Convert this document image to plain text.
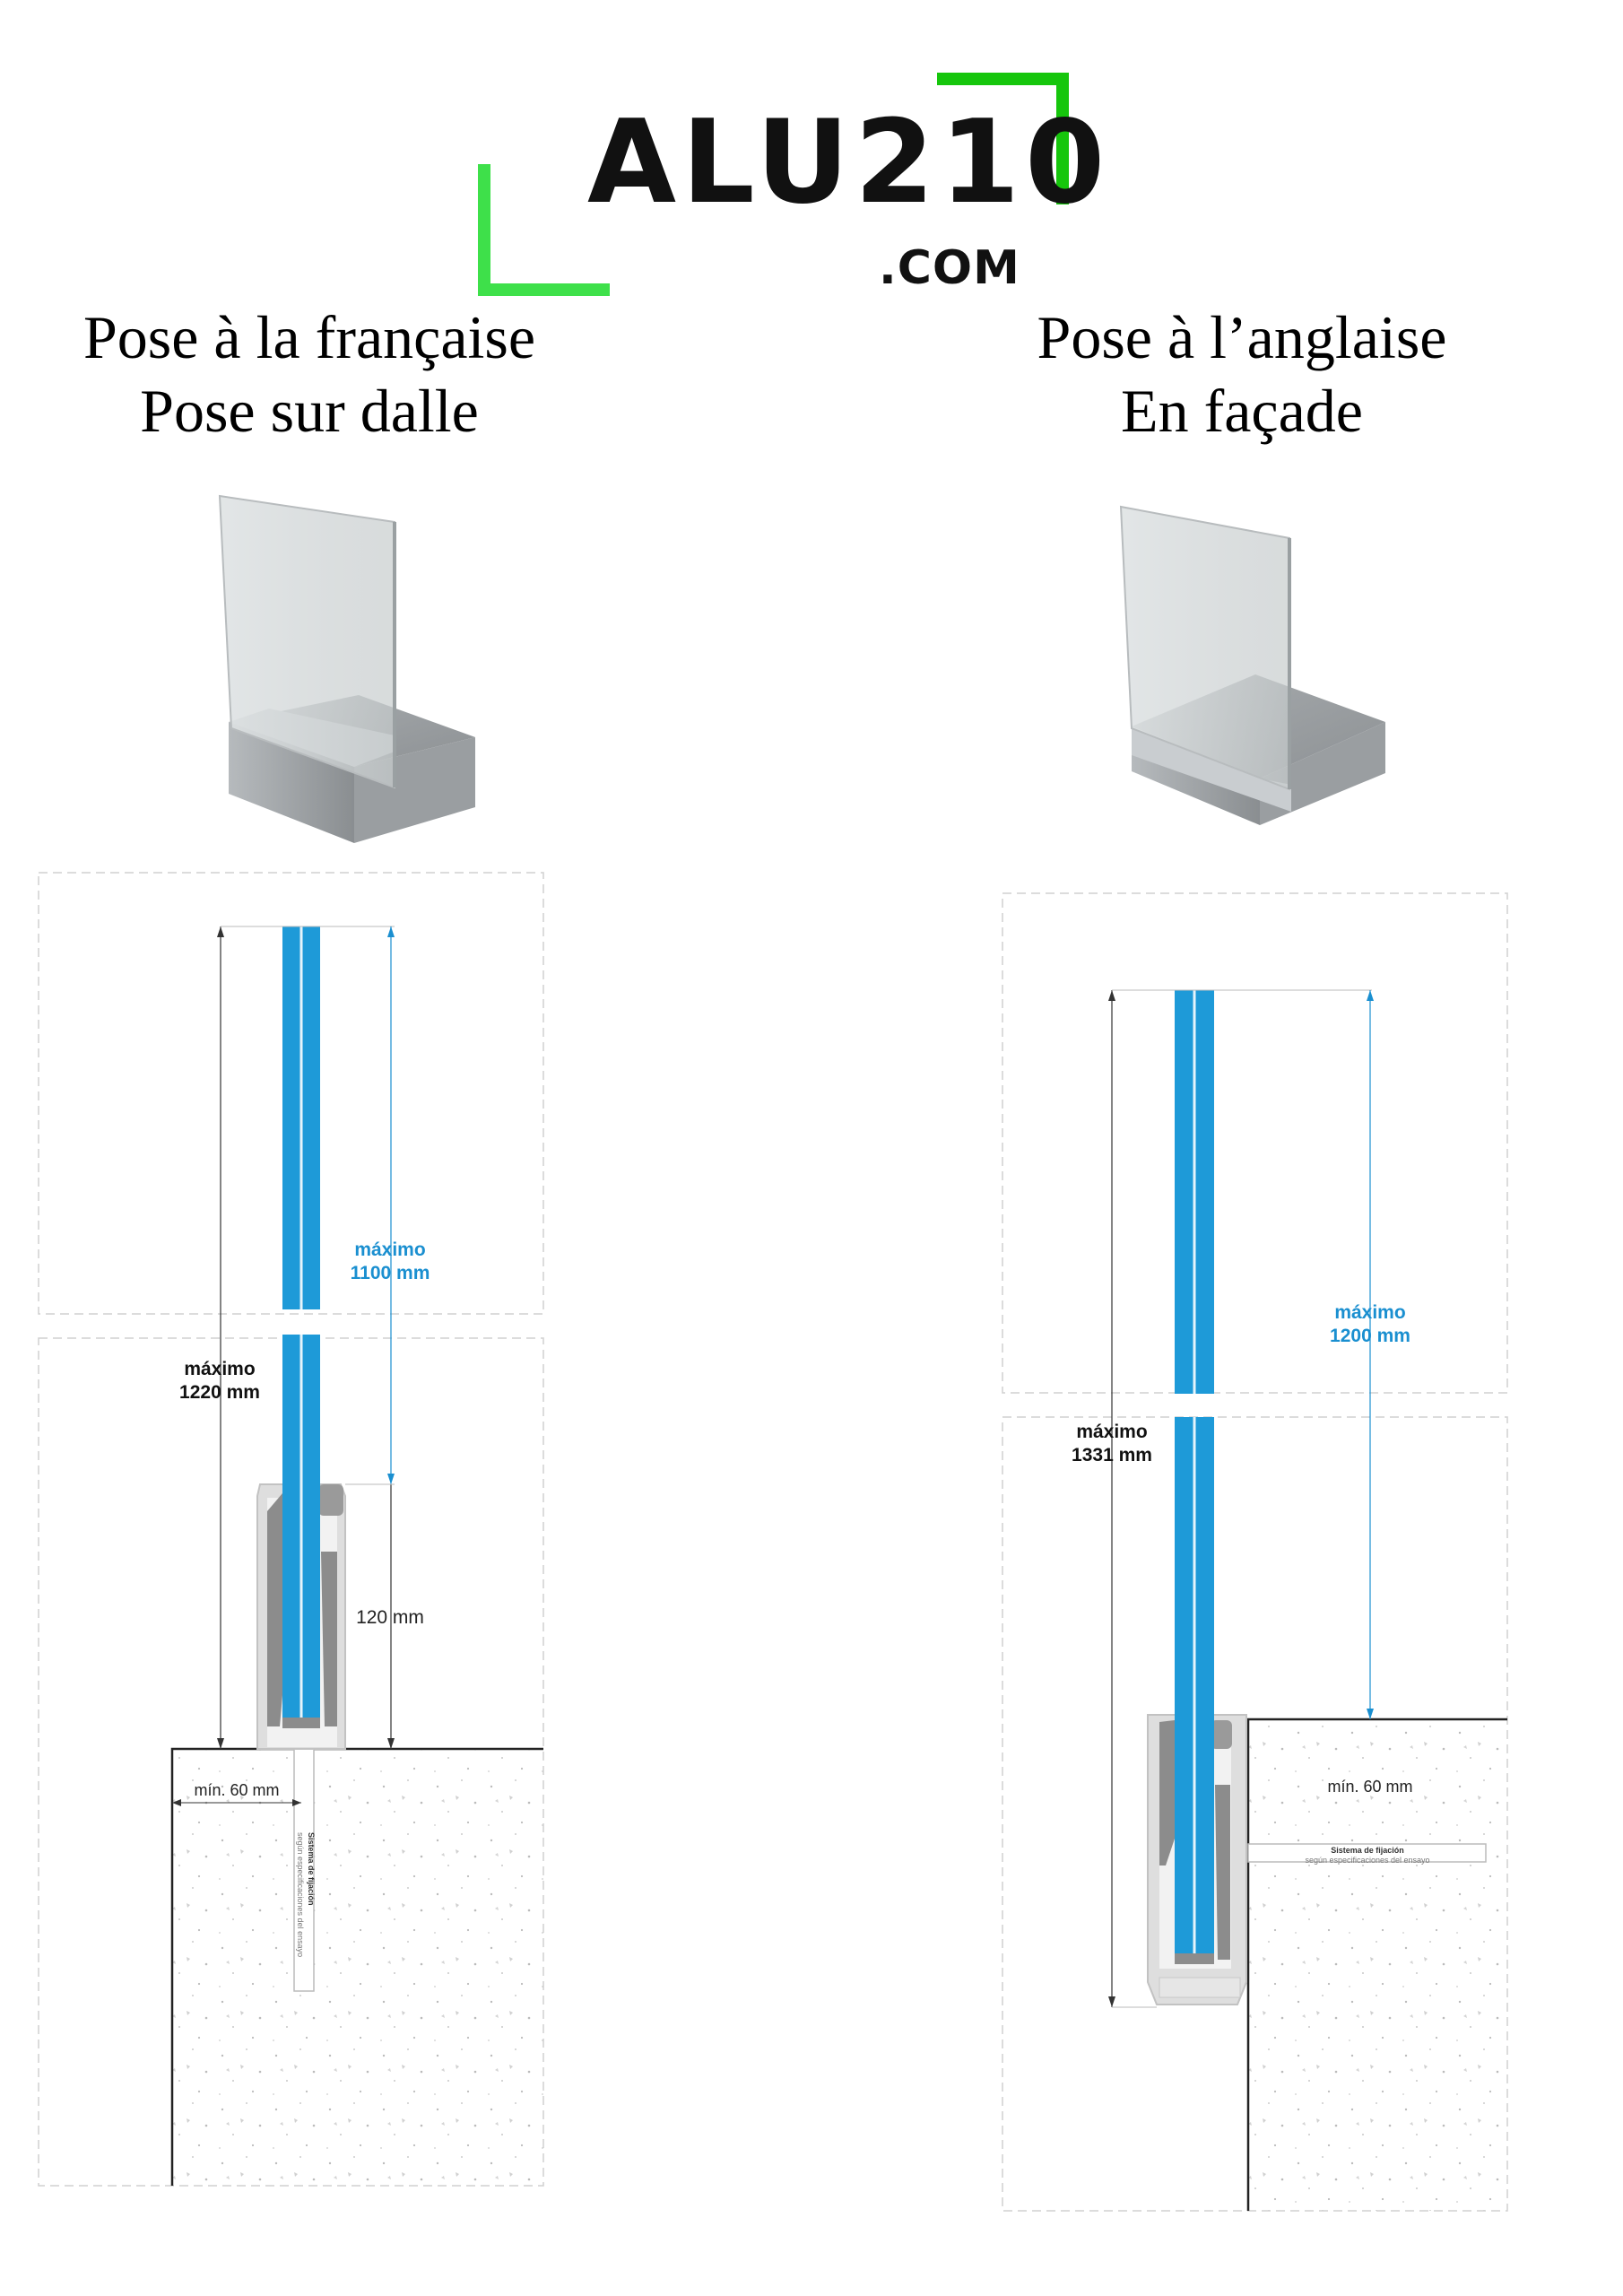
ALU210
.COM
Pose à la française
Pose sur dalle
Pose à l’anglaise
En façade
máximo
1100 mm
máximo
1220 mm
120 mm
mín. 60 mm
Sistema de fijación
según especificaciones del ensayo
máximo
1200 mm
máximo
1331 mm
mín. 60 mm
Sistema de fijación
según especificaciones del ensayo
